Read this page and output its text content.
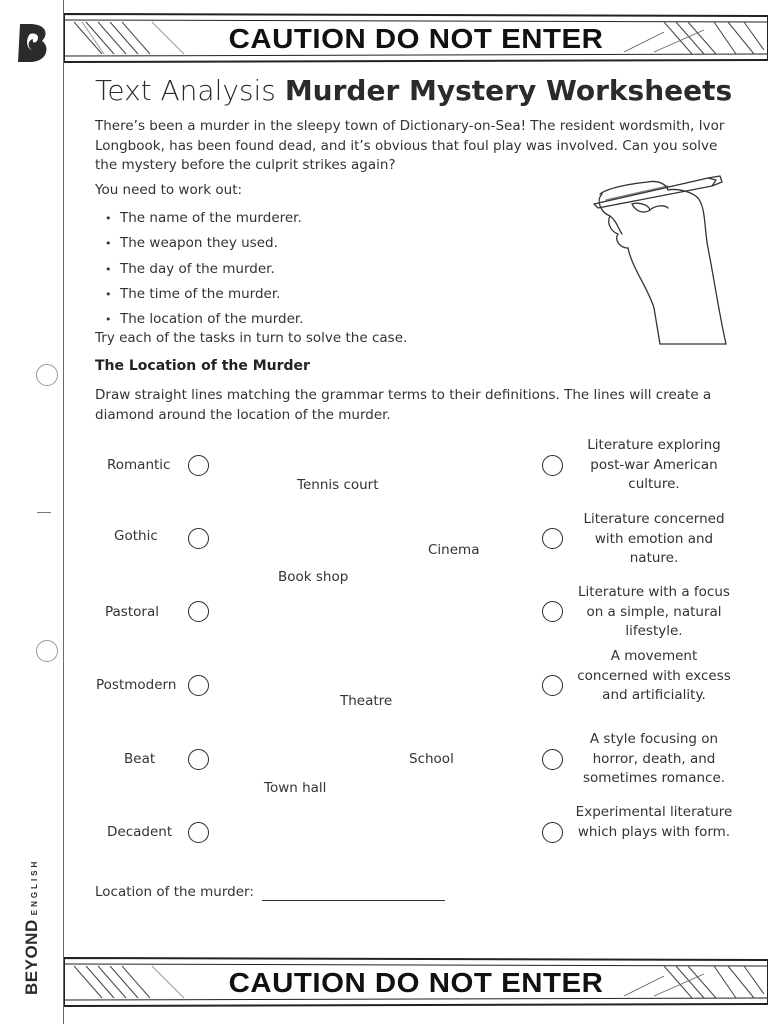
BEYONDENGLISH
CAUTION DO NOT ENTER
Text Analysis Murder Mystery Worksheets
There’s been a murder in the sleepy town of Dictionary-on-Sea! The resident wordsmith, Ivor Longbook, has been found dead, and it’s obvious that foul play was involved. Can you solve the mystery before the culprit strikes again?
You need to work out:
• The name of the murderer.
• The weapon they used.
• The day of the murder.
• The time of the murder.
• The location of the murder.
Try each of the tasks in turn to solve the case.
The Location of the Murder
Draw straight lines matching the grammar terms to their definitions. The lines will create a diamond around the location of the murder.
Romantic
Gothic
Pastoral
Postmodern
Beat
Decadent
Tennis court
Cinema
Book shop
Theatre
School
Town hall
Literature exploring post-war American culture.
Literature concerned with emotion and nature.
Literature with a focus on a simple, natural lifestyle.
A movement concerned with excess and artificiality.
A style focusing on horror, death, and sometimes romance.
Experimental literature which plays with form.
Location of the murder:
CAUTION DO NOT ENTER
